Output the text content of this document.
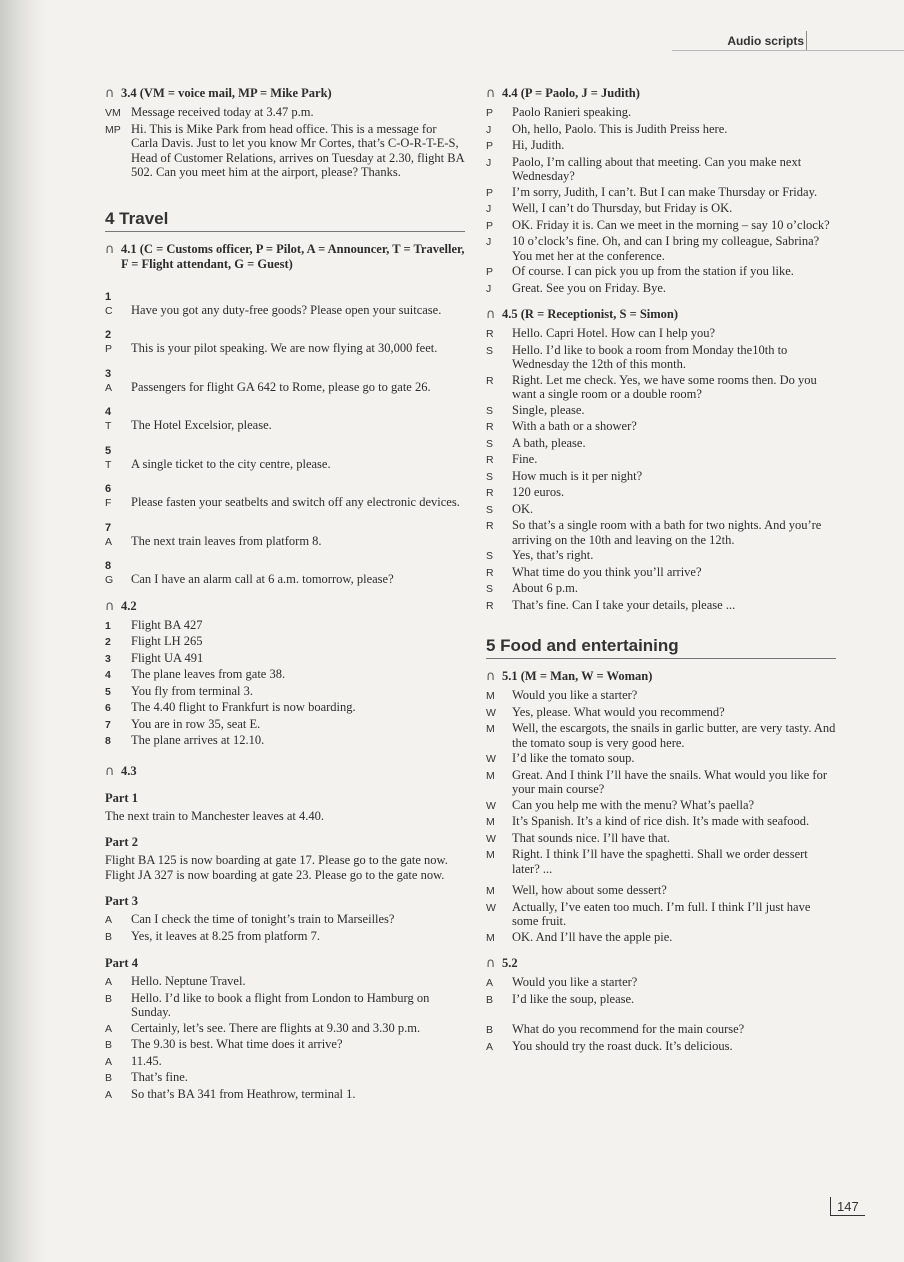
Audio scripts
∩ 3.4 (VM = voice mail, MP = Mike Park)
VM Message received today at 3.47 p.m.
MP Hi. This is Mike Park from head office. This is a message for Carla Davis. Just to let you know Mr Cortes, that’s C-O-R-T-E-S, Head of Customer Relations, arrives on Tuesday at 2.30, flight BA 502. Can you meet him at the airport, please? Thanks.
4 Travel
∩ 4.1 (C = Customs officer, P = Pilot, A = Announcer, T = Traveller, F = Flight attendant, G = Guest)
1
C	Have you got any duty-free goods? Please open your suitcase.
2
P	This is your pilot speaking. We are now flying at 30,000 feet.
3
A	Passengers for flight GA 642 to Rome, please go to gate 26.
4
T	The Hotel Excelsior, please.
5
T	A single ticket to the city centre, please.
6
F	Please fasten your seatbelts and switch off any electronic devices.
7
A	The next train leaves from platform 8.
8
G	Can I have an alarm call at 6 a.m. tomorrow, please?
∩ 4.2
1	Flight BA 427
2	Flight LH 265
3	Flight UA 491
4	The plane leaves from gate 38.
5	You fly from terminal 3.
6	The 4.40 flight to Frankfurt is now boarding.
7	You are in row 35, seat E.
8	The plane arrives at 12.10.
∩ 4.3
Part 1
The next train to Manchester leaves at 4.40.
Part 2
Flight BA 125 is now boarding at gate 17. Please go to the gate now. Flight JA 327 is now boarding at gate 23. Please go to the gate now.
Part 3
A	Can I check the time of tonight’s train to Marseilles?
B	Yes, it leaves at 8.25 from platform 7.
Part 4
A	Hello. Neptune Travel.
B	Hello. I’d like to book a flight from London to Hamburg on Sunday.
A	Certainly, let’s see. There are flights at 9.30 and 3.30 p.m.
B	The 9.30 is best. What time does it arrive?
A	11.45.
B	That’s fine.
A	So that’s BA 341 from Heathrow, terminal 1.
∩ 4.4 (P = Paolo, J = Judith)
P	Paolo Ranieri speaking.
J	Oh, hello, Paolo. This is Judith Preiss here.
P	Hi, Judith.
J	Paolo, I’m calling about that meeting. Can you make next Wednesday?
P	I’m sorry, Judith, I can’t. But I can make Thursday or Friday.
J	Well, I can’t do Thursday, but Friday is OK.
P	OK. Friday it is. Can we meet in the morning – say 10 o’clock?
J	10 o’clock’s fine. Oh, and can I bring my colleague, Sabrina? You met her at the conference.
P	Of course. I can pick you up from the station if you like.
J	Great. See you on Friday. Bye.
∩ 4.5 (R = Receptionist, S = Simon)
R	Hello. Capri Hotel. How can I help you?
S	Hello. I’d like to book a room from Monday the10th to Wednesday the 12th of this month.
R	Right. Let me check. Yes, we have some rooms then. Do you want a single room or a double room?
S	Single, please.
R	With a bath or a shower?
S	A bath, please.
R	Fine.
S	How much is it per night?
R	120 euros.
S	OK.
R	So that’s a single room with a bath for two nights. And you’re arriving on the 10th and leaving on the 12th.
S	Yes, that’s right.
R	What time do you think you’ll arrive?
S	About 6 p.m.
R	That’s fine. Can I take your details, please ...
5 Food and entertaining
∩ 5.1 (M = Man, W = Woman)
M	Would you like a starter?
W	Yes, please. What would you recommend?
M	Well, the escargots, the snails in garlic butter, are very tasty. And the tomato soup is very good here.
W	I’d like the tomato soup.
M	Great. And I think I’ll have the snails. What would you like for your main course?
W	Can you help me with the menu? What’s paella?
M	It’s Spanish. It’s a kind of rice dish. It’s made with seafood.
W	That sounds nice. I’ll have that.
M	Right. I think I’ll have the spaghetti. Shall we order dessert later? ...
M	Well, how about some dessert?
W	Actually, I’ve eaten too much. I’m full. I think I’ll just have some fruit.
M	OK. And I’ll have the apple pie.
∩ 5.2
A	Would you like a starter?
B	I’d like the soup, please.
B	What do you recommend for the main course?
A	You should try the roast duck. It’s delicious.
147
